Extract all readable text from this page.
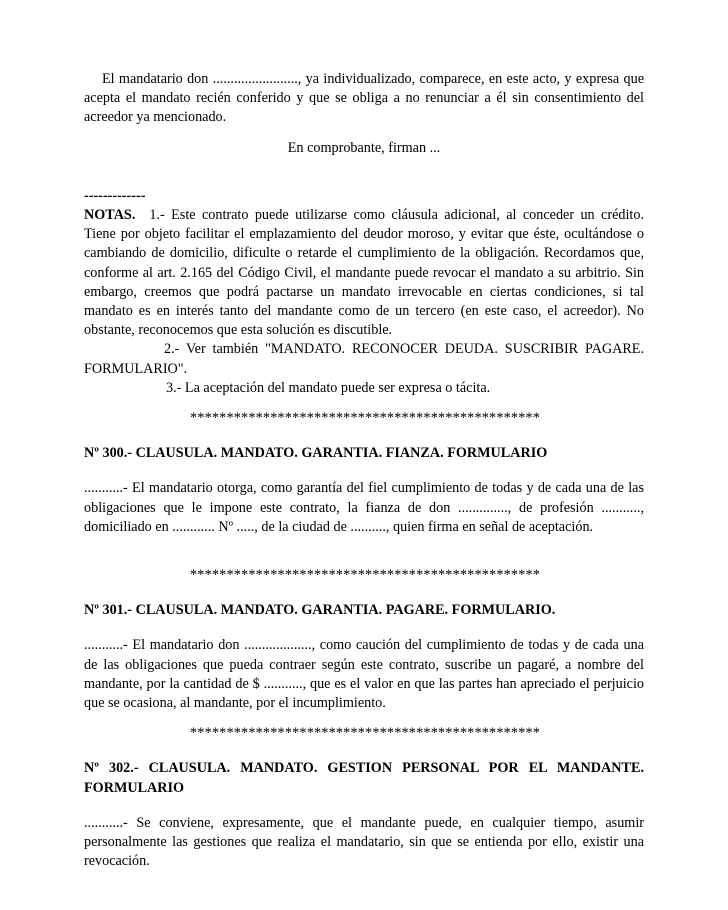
El mandatario don ........................, ya individualizado, comparece, en este acto, y expresa que acepta el mandato recién conferido y que se obliga a no renunciar a él sin consentimiento del acreedor ya mencionado.

En comprobante, firman ...

-------------

NOTAS. 1.- Este contrato puede utilizarse como cláusula adicional, al conceder un crédito. Tiene por objeto facilitar el emplazamiento del deudor moroso, y evitar que éste, ocultándose o cambiando de domicilio, dificulte o retarde el cumplimiento de la obligación. Recordamos que, conforme al art. 2.165 del Código Civil, el mandante puede revocar el mandato a su arbitrio. Sin embargo, creemos que podrá pactarse un mandato irrevocable en ciertas condiciones, si tal mandato es en interés tanto del mandante como de un tercero (en este caso, el acreedor). No obstante, reconocemos que esta solución es discutible.

2.- Ver también "MANDATO. RECONOCER DEUDA. SUSCRIBIR PAGARE. FORMULARIO".

3.- La aceptación del mandato puede ser expresa o tácita.

************************************************

Nº 300.- CLAUSULA. MANDATO. GARANTIA. FIANZA. FORMULARIO

...........- El mandatario otorga, como garantía del fiel cumplimiento de todas y de cada una de las obligaciones que le impone este contrato, la fianza de don .............., de profesión ..........., domiciliado en ............ Nº ....., de la ciudad de .........., quien firma en señal de aceptación.

************************************************

Nº 301.- CLAUSULA. MANDATO. GARANTIA. PAGARE. FORMULARIO.

...........- El mandatario don ..................., como caución del cumplimiento de todas y de cada una de las obligaciones que pueda contraer según este contrato, suscribe un pagaré, a nombre del mandante, por la cantidad de $ ..........., que es el valor en que las partes han apreciado el perjuicio que se ocasiona, al mandante, por el incumplimiento.

************************************************

Nº 302.- CLAUSULA. MANDATO. GESTION PERSONAL POR EL MANDANTE. FORMULARIO

...........- Se conviene, expresamente, que el mandante puede, en cualquier tiempo, asumir personalmente las gestiones que realiza el mandatario, sin que se entienda por ello, existir una revocación.
